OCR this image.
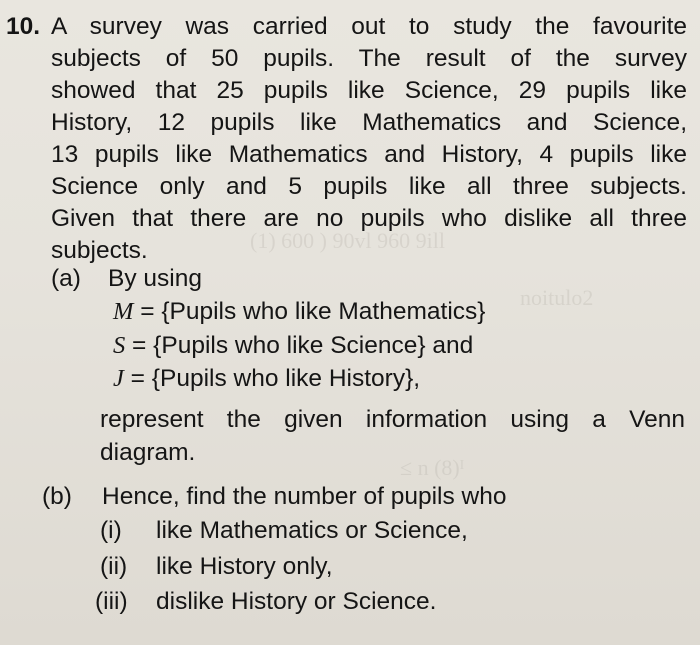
(1) 600 ) 90vl 960 9ill
noitulo2
≤ n (8)ᴵ
10. A survey was carried out to study the favourite
subjects of 50 pupils. The result of the survey
showed that 25 pupils like Science, 29 pupils like
History, 12 pupils like Mathematics and Science,
13 pupils like Mathematics and History, 4 pupils like
Science only and 5 pupils like all three subjects.
Given that there are no pupils who dislike all three
subjects.
(a) By using
M = {Pupils who like Mathematics}
S = {Pupils who like Science} and
J = {Pupils who like History},
represent the given information using a Venn
diagram.
(b) Hence, find the number of pupils who
(i) like Mathematics or Science,
(ii) like History only,
(iii) dislike History or Science.
